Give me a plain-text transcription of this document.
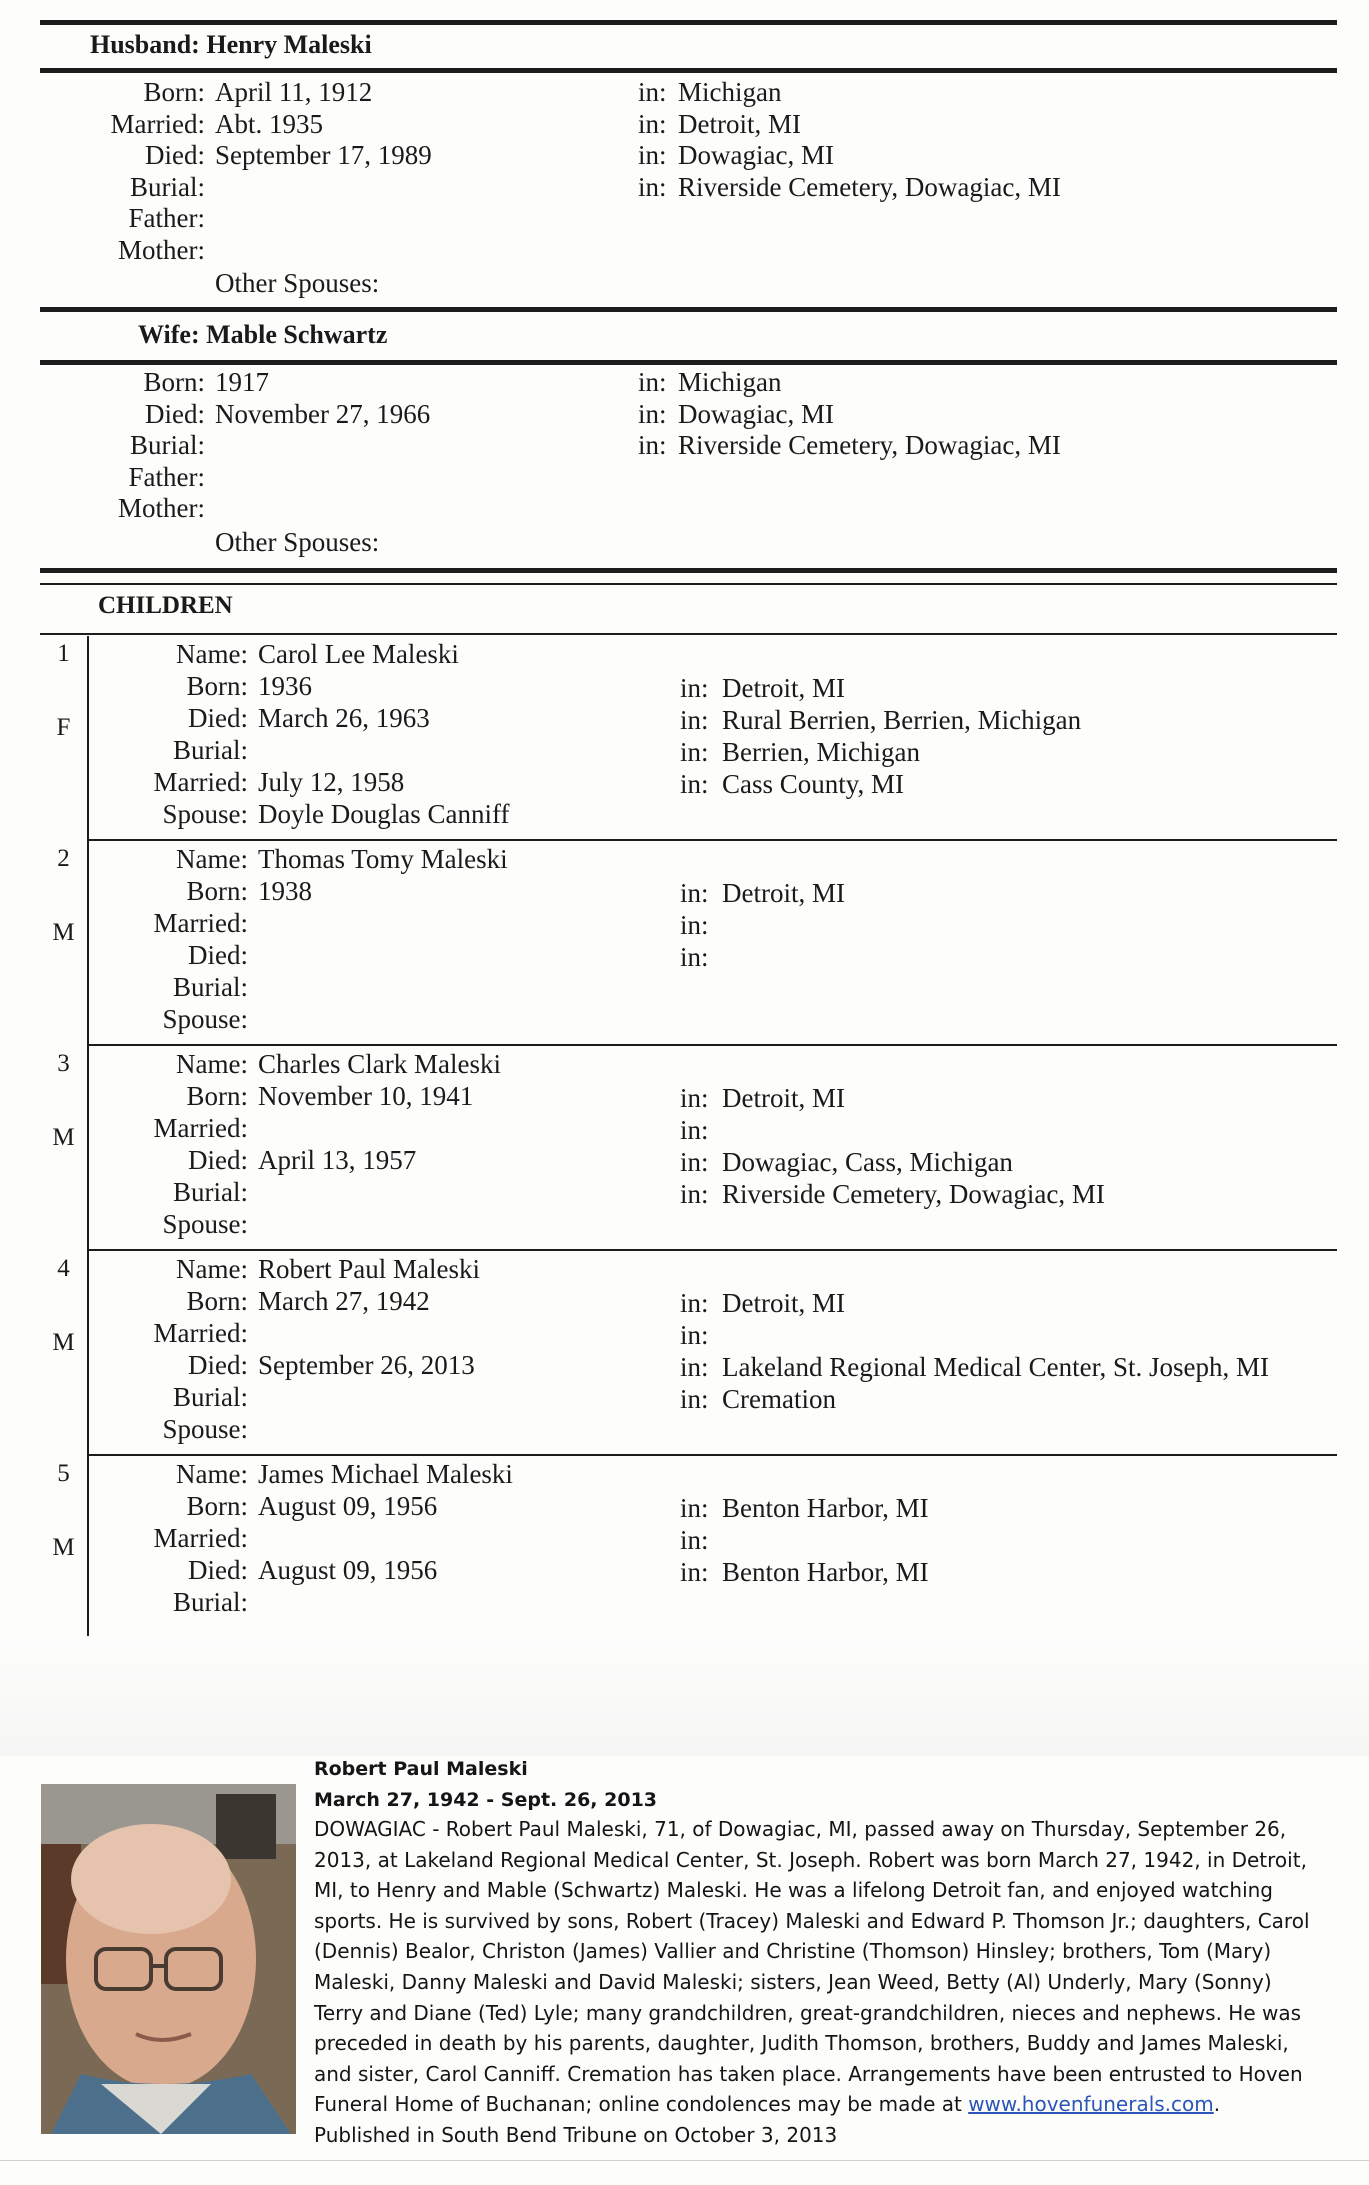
Husband: Henry Maleski
Born: April 11, 1912	in: Michigan
Married: Abt. 1935	in: Detroit, MI
Died: September 17, 1989	in: Dowagiac, MI
Burial:	in: Riverside Cemetery, Dowagiac, MI
Father:
Mother:
Other Spouses:
Wife: Mable Schwartz
Born: 1917	in: Michigan
Died: November 27, 1966	in: Dowagiac, MI
Burial:	in: Riverside Cemetery, Dowagiac, MI
Father:
Mother:
Other Spouses:
CHILDREN
1
F
Name: Carol Lee Maleski
Born: 1936	in: Detroit, MI
Died: March 26, 1963	in: Rural Berrien, Berrien, Michigan
Burial:	in: Berrien, Michigan
Married: July 12, 1958	in: Cass County, MI
Spouse: Doyle Douglas Canniff
2
M
Name: Thomas Tomy Maleski
Born: 1938	in: Detroit, MI
Married:	in:
Died:	in:
Burial:
Spouse:
3
M
Name: Charles Clark Maleski
Born: November 10, 1941	in: Detroit, MI
Married:	in:
Died: April 13, 1957	in: Dowagiac, Cass, Michigan
Burial:	in: Riverside Cemetery, Dowagiac, MI
Spouse:
4
M
Name: Robert Paul Maleski
Born: March 27, 1942	in: Detroit, MI
Married:	in:
Died: September 26, 2013	in: Lakeland Regional Medical Center, St. Joseph, MI
Burial:	in: Cremation
Spouse:
5
M
Name: James Michael Maleski
Born: August 09, 1956	in: Benton Harbor, MI
Married:	in:
Died: August 09, 1956	in: Benton Harbor, MI
Burial:
Robert Paul Maleski
March 27, 1942 - Sept. 26, 2013
DOWAGIAC - Robert Paul Maleski, 71, of Dowagiac, MI, passed away on Thursday, September 26,
2013, at Lakeland Regional Medical Center, St. Joseph. Robert was born March 27, 1942, in Detroit,
MI, to Henry and Mable (Schwartz) Maleski. He was a lifelong Detroit fan, and enjoyed watching
sports. He is survived by sons, Robert (Tracey) Maleski and Edward P. Thomson Jr.; daughters, Carol
(Dennis) Bealor, Christon (James) Vallier and Christine (Thomson) Hinsley; brothers, Tom (Mary)
Maleski, Danny Maleski and David Maleski; sisters, Jean Weed, Betty (Al) Underly, Mary (Sonny)
Terry and Diane (Ted) Lyle; many grandchildren, great-grandchildren, nieces and nephews. He was
preceded in death by his parents, daughter, Judith Thomson, brothers, Buddy and James Maleski,
and sister, Carol Canniff. Cremation has taken place. Arrangements have been entrusted to Hoven
Funeral Home of Buchanan; online condolences may be made at www.hovenfunerals.com.
Published in South Bend Tribune on October 3, 2013
